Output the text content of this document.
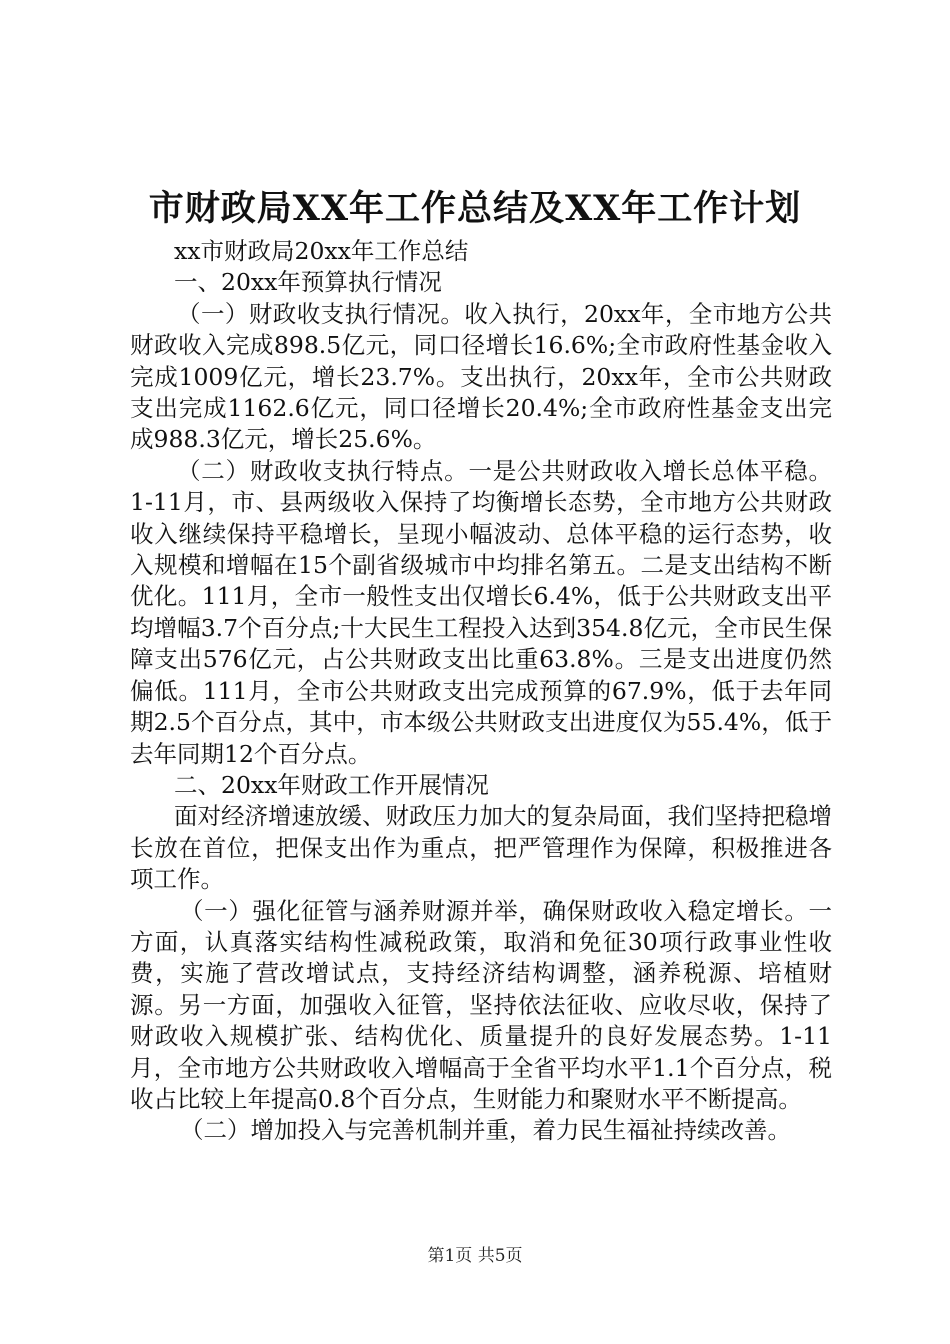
市财政局XX年工作总结及XX年工作计划

xx市财政局20xx年工作总结

一、20xx年预算执行情况

（一）财政收支执行情况。收入执行，20xx年，全市地方公共财政收入完成898.5亿元，同口径增长16.6%;全市政府性基金收入完成1009亿元，增长23.7%。支出执行，20xx年，全市公共财政支出完成1162.6亿元，同口径增长20.4%;全市政府性基金支出完成988.3亿元，增长25.6%。

（二）财政收支执行特点。一是公共财政收入增长总体平稳。1-11月，市、县两级收入保持了均衡增长态势，全市地方公共财政收入继续保持平稳增长，呈现小幅波动、总体平稳的运行态势，收入规模和增幅在15个副省级城市中均排名第五。二是支出结构不断优化。111月，全市一般性支出仅增长6.4%，低于公共财政支出平均增幅3.7个百分点;十大民生工程投入达到354.8亿元，全市民生保障支出576亿元，占公共财政支出比重63.8%。三是支出进度仍然偏低。111月，全市公共财政支出完成预算的67.9%，低于去年同期2.5个百分点，其中，市本级公共财政支出进度仅为55.4%，低于去年同期12个百分点。

二、20xx年财政工作开展情况

面对经济增速放缓、财政压力加大的复杂局面，我们坚持把稳增长放在首位，把保支出作为重点，把严管理作为保障，积极推进各项工作。

（一）强化征管与涵养财源并举，确保财政收入稳定增长。一方面，认真落实结构性减税政策，取消和免征30项行政事业性收费，实施了营改增试点，支持经济结构调整，涵养税源、培植财源。另一方面，加强收入征管，坚持依法征收、应收尽收，保持了财政收入规模扩张、结构优化、质量提升的良好发展态势。1-11月，全市地方公共财政收入增幅高于全省平均水平1.1个百分点，税收占比较上年提高0.8个百分点，生财能力和聚财水平不断提高。

（二）增加投入与完善机制并重，着力民生福祉持续改善。

第1页 共5页
